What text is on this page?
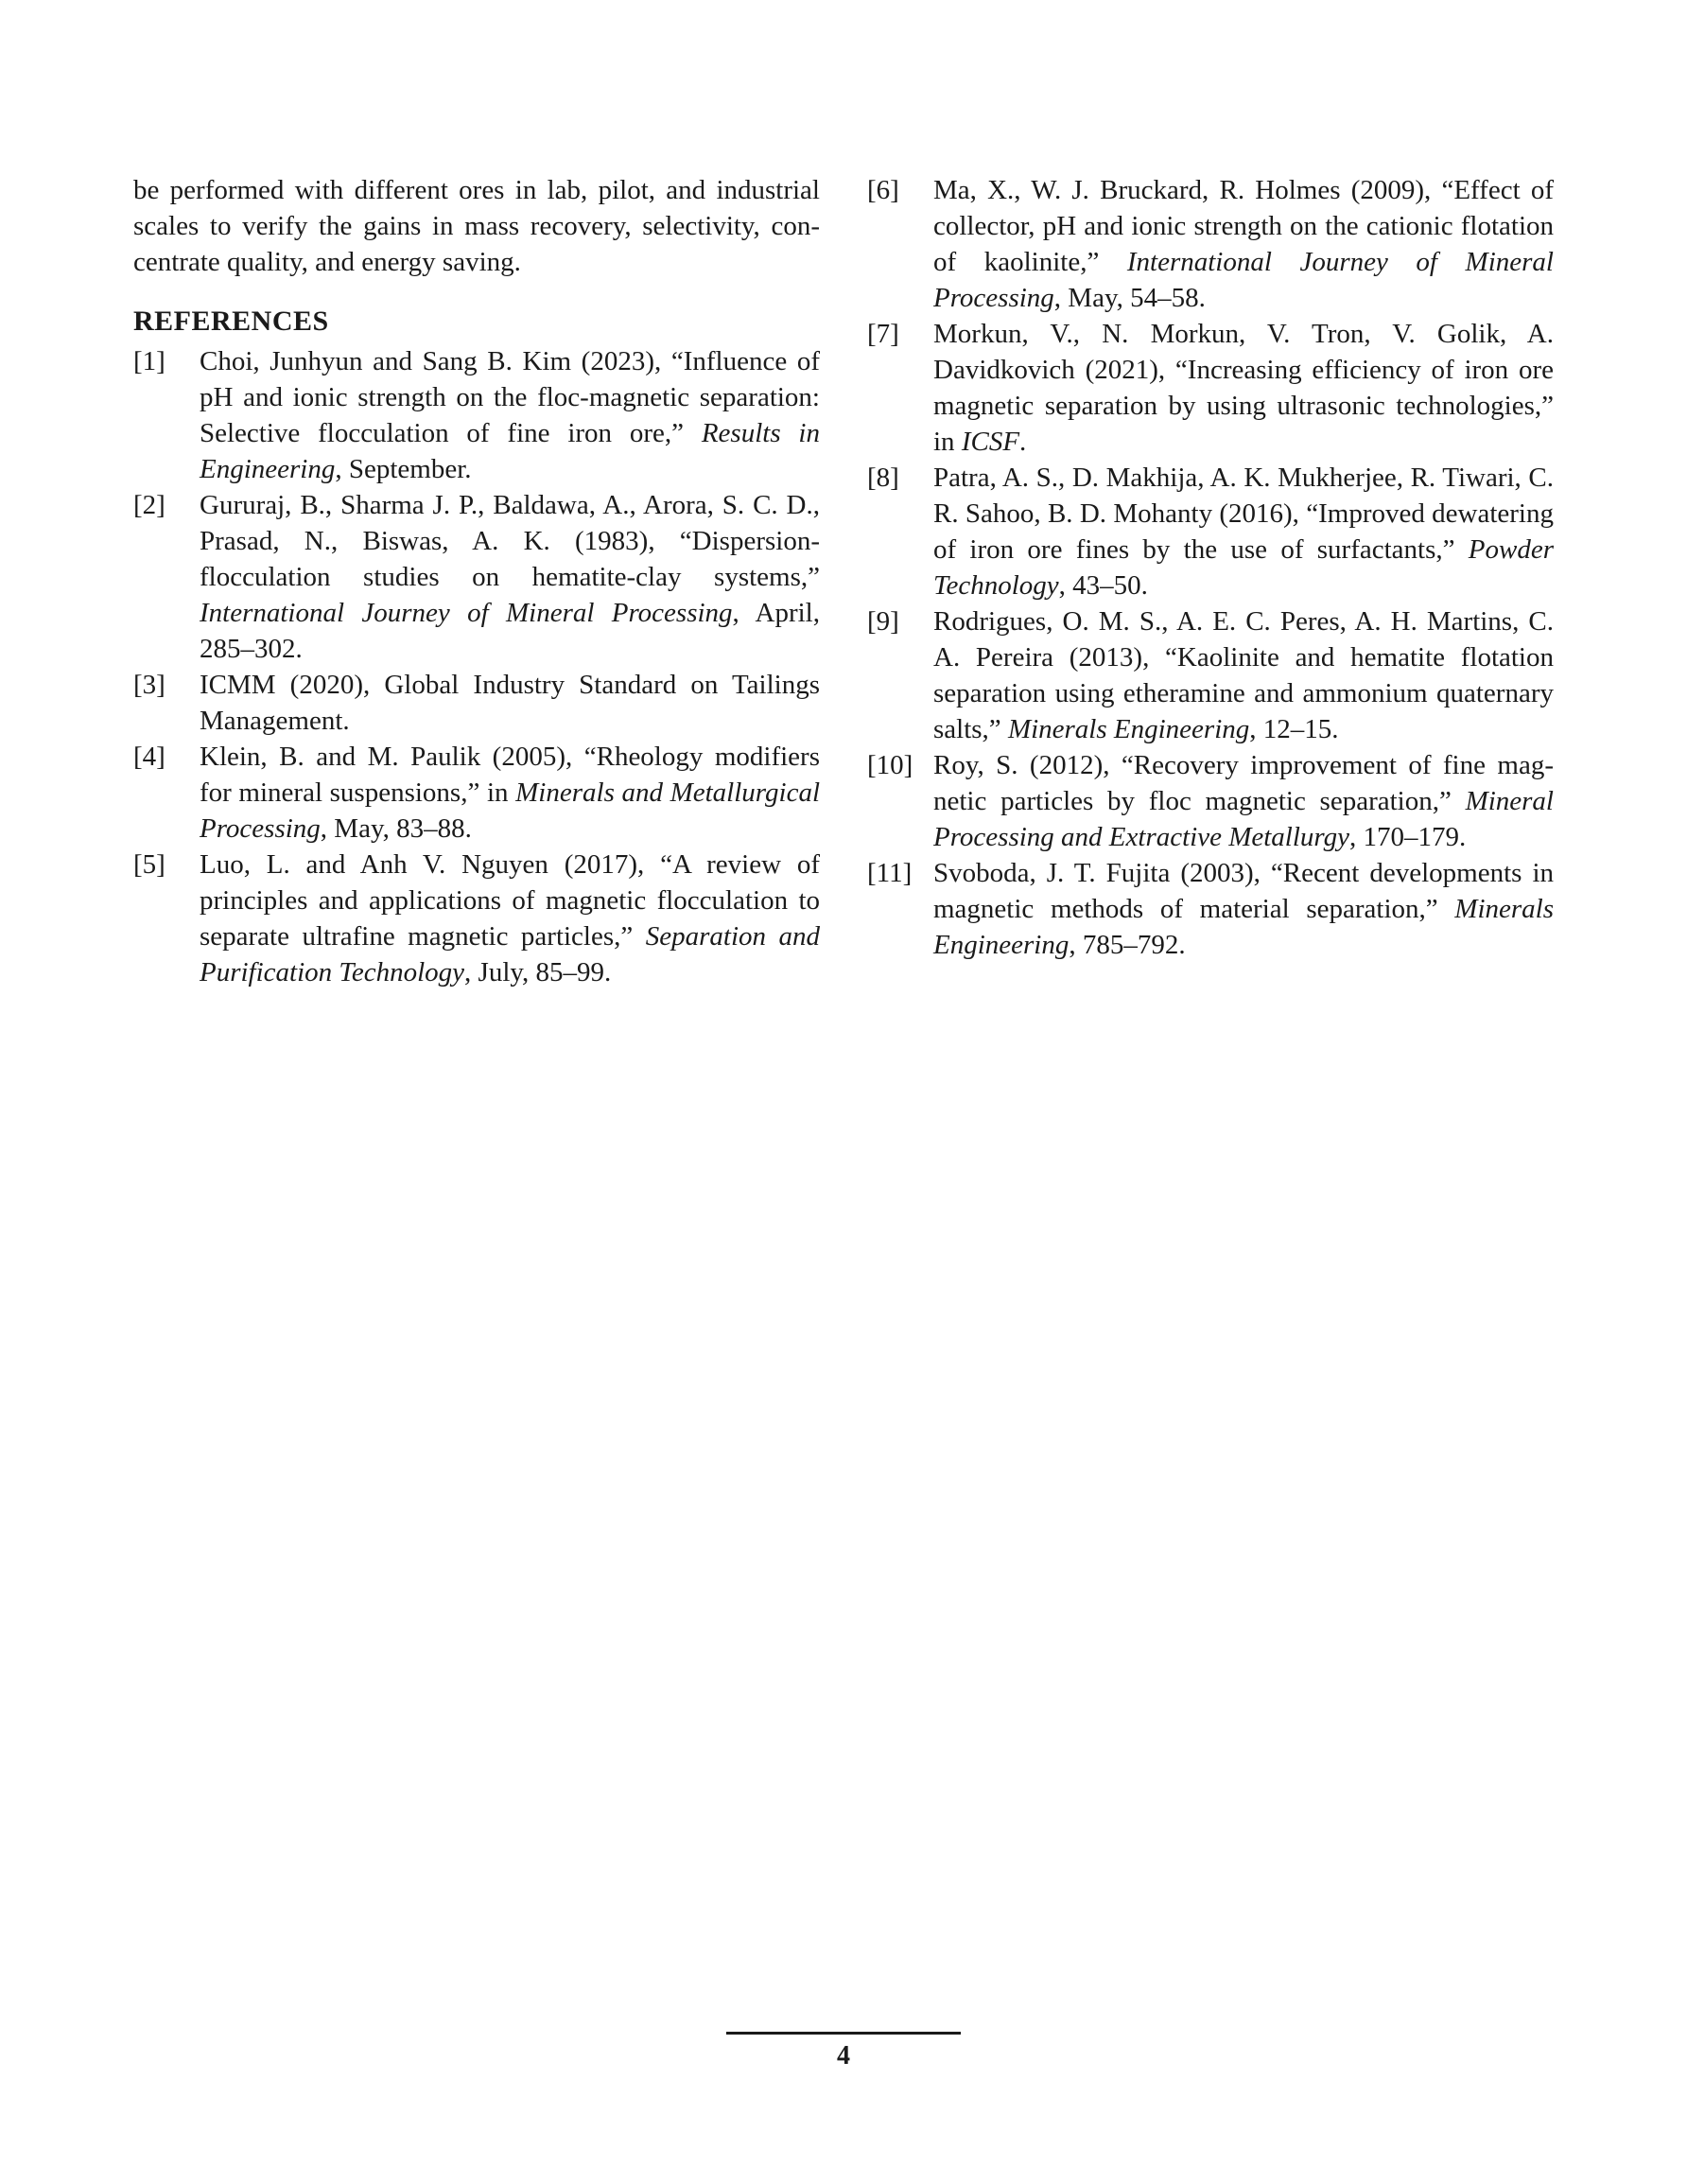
be performed with different ores in lab, pilot, and industrial scales to verify the gains in mass recovery, selectivity, concentrate quality, and energy saving.

REFERENCES
[1]	Choi, Junhyun and Sang B. Kim (2023), “Influence of pH and ionic strength on the floc-magnetic separation: Selective flocculation of fine iron ore,” Results in Engineering, September.
[2]	Gururaj, B., Sharma J. P., Baldawa, A., Arora, S. C. D., Prasad, N., Biswas, A. K. (1983), “Dispersion-flocculation studies on hematite-clay systems,” International Journey of Mineral Processing, April, 285–302.
[3]	ICMM (2020), Global Industry Standard on Tailings Management.
[4]	Klein, B. and M. Paulik (2005), “Rheology modifiers for mineral suspensions,” in Minerals and Metallurgical Processing, May, 83–88.
[5]	Luo, L. and Anh V. Nguyen (2017), “A review of principles and applications of magnetic flocculation to separate ultrafine magnetic particles,” Separation and Purification Technology, July, 85–99.
[6]	Ma, X., W. J. Bruckard, R. Holmes (2009), “Effect of collector, pH and ionic strength on the cationic flotation of kaolinite,” International Journey of Mineral Processing, May, 54–58.
[7]	Morkun, V., N. Morkun, V. Tron, V. Golik, A. Davidkovich (2021), “Increasing efficiency of iron ore magnetic separation by using ultrasonic technologies,” in ICSF.
[8]	Patra, A. S., D. Makhija, A. K. Mukherjee, R. Tiwari, C. R. Sahoo, B. D. Mohanty (2016), “Improved dewatering of iron ore fines by the use of surfactants,” Powder Technology, 43–50.
[9]	Rodrigues, O. M. S., A. E. C. Peres, A. H. Martins, C. A. Pereira (2013), “Kaolinite and hematite flotation separation using etheramine and ammonium quaternary salts,” Minerals Engineering, 12–15.
[10] Roy, S. (2012), “Recovery improvement of fine magnetic particles by floc magnetic separation,” Mineral Processing and Extractive Metallurgy, 170–179.
[11] Svoboda, J. T. Fujita (2003), “Recent developments in magnetic methods of material separation,” Minerals Engineering, 785–792.
4
